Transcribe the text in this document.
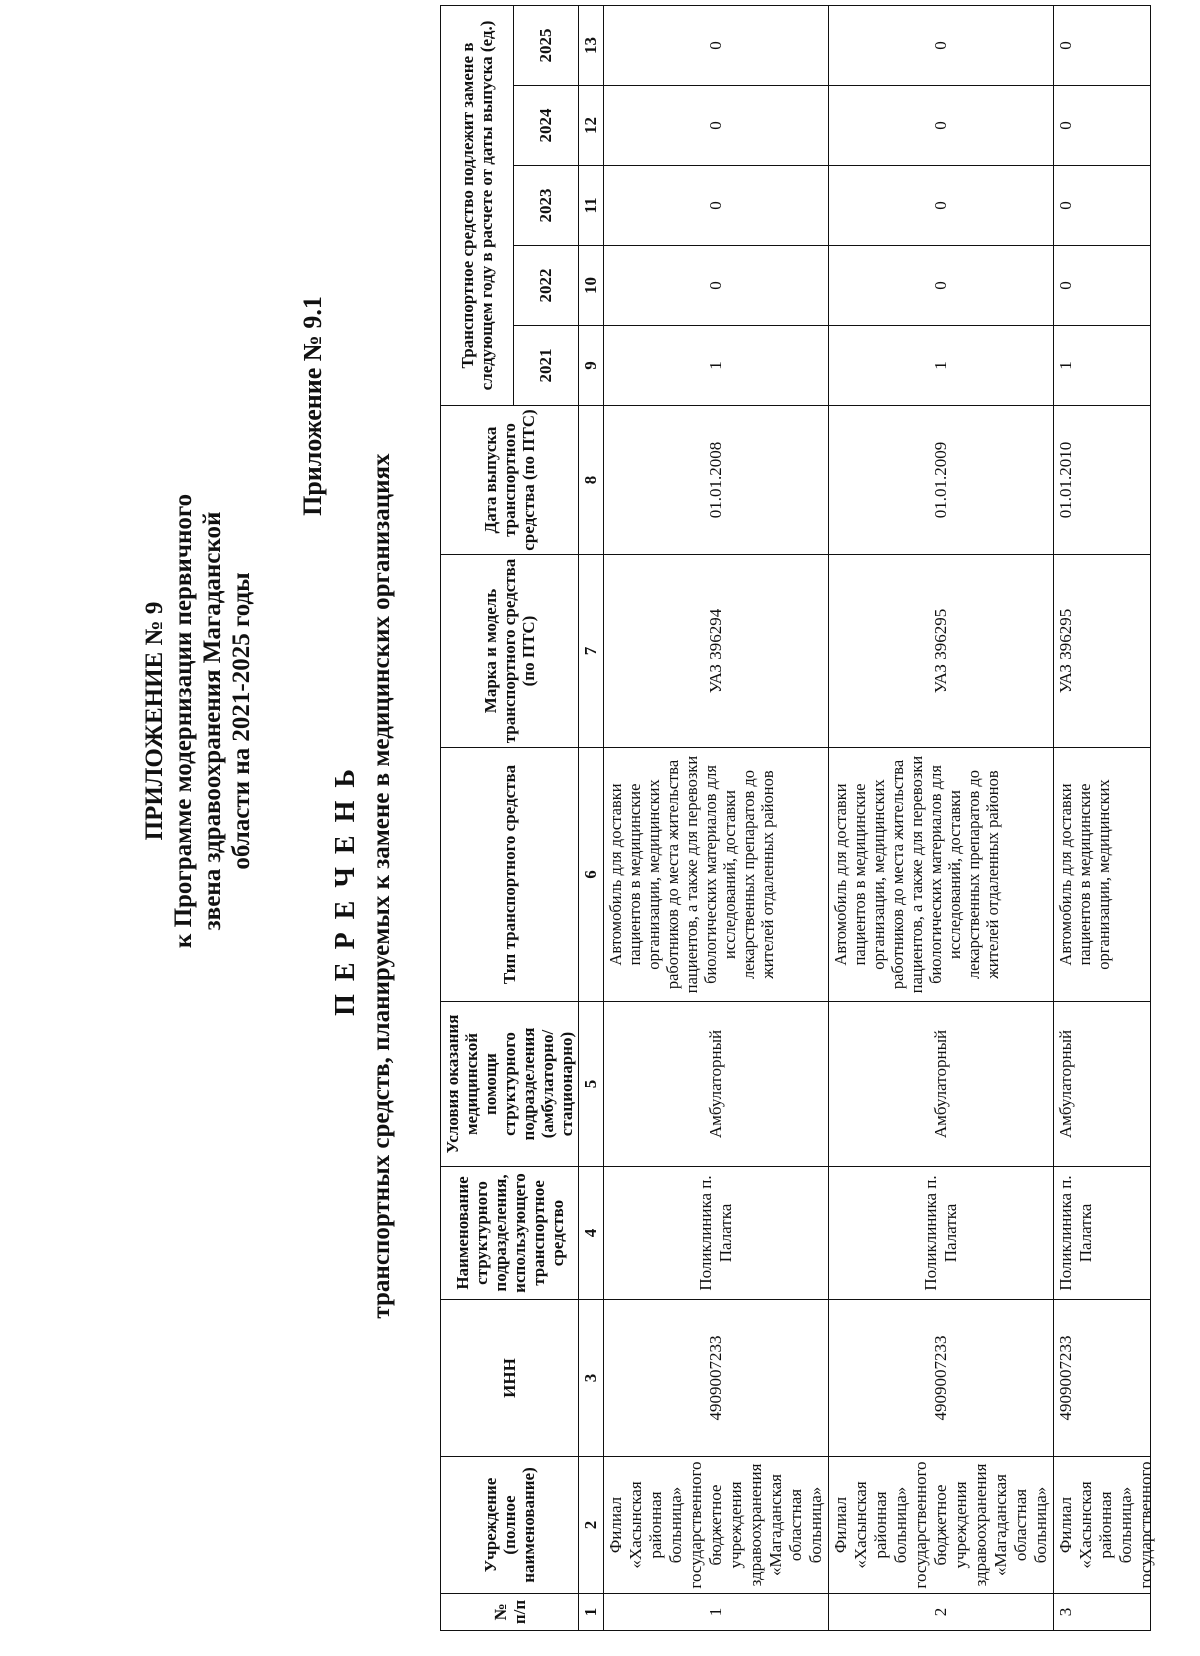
ПРИЛОЖЕНИЕ № 9 к Программе модернизации первичного звена здравоохранения Магаданской области на 2021-2025 годы
Приложение № 9.1
ПЕРЕЧЕНЬ транспортных средств, планируемых к замене в медицинских организациях
№ п/п	Учреждение (полное наименование)	ИНН	Наименование структурного подразделения, использующего транспортное средство	Условия оказания медицинской помощи структурного подразделения (амбулаторно/ стационарно)	Тип транспортного средства	Марка и модель транспортного средства (по ПТС)	Дата выпуска транспортного средства (по ПТС)	Транспортное средство подлежит замене в следующем году в расчете от даты выпуска (ед.)				
								2021	2022	2023	2024	2025
1	2	3	4	5	6	7	8	9	10	11	12	13
1	Филиал «Хасынская районная больница» государственного бюджетное учреждения здравоохранения «Магаданская областная больница»	4909007233	Поликлиника п. Палатка	Амбулаторный	Автомобиль для доставки пациентов в медицинские организации, медицинских работников до места жительства пациентов, а также для перевозки биологических материалов для исследований, доставки лекарственных препаратов до жителей отдаленных районов	УАЗ 396294	01.01.2008	1	0	0	0	0
2	Филиал «Хасынская районная больница» государственного бюджетное учреждения здравоохранения «Магаданская областная больница»	4909007233	Поликлиника п. Палатка	Амбулаторный	Автомобиль для доставки пациентов в медицинские организации, медицинских работников до места жительства пациентов, а также для перевозки биологических материалов для исследований, доставки лекарственных препаратов до жителей отдаленных районов	УАЗ 396295	01.01.2009	1	0	0	0	0
3	Филиал «Хасынская районная больница» государственного	4909007233	Поликлиника п. Палатка	Амбулаторный	Автомобиль для доставки пациентов в медицинские организации, медицинских	УАЗ 396295	01.01.2010	1	0	0	0	0
